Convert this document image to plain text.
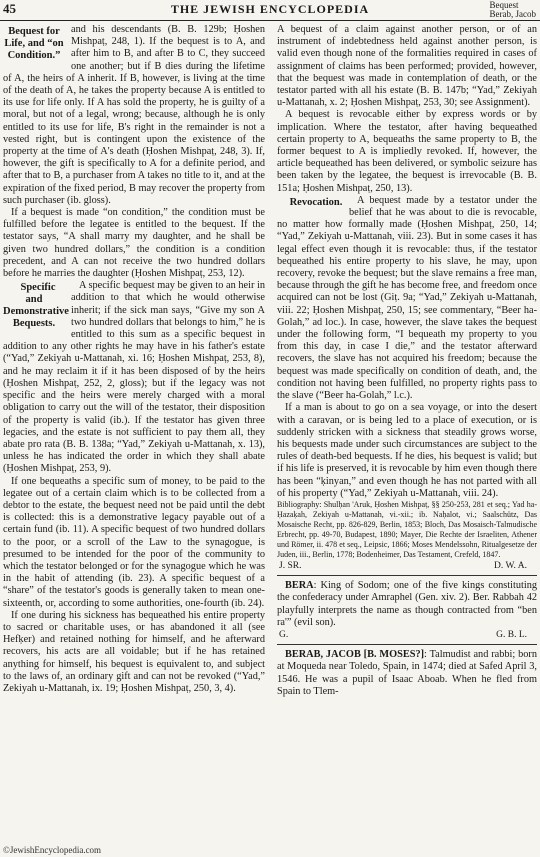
45	THE JEWISH ENCYCLOPEDIA	Bequest
Berab, Jacob

Bequest for Life, and “on Condition.”
and his descendants (B. B. 129b; Ḥoshen Mishpaṭ, 248, 1). If the bequest is to A, and after him to B, and after B to C, they succeed one another; but if B dies during the lifetime of A, the heirs of A inherit. If B, however, is living at the time of the death of A, he takes the property because A is entitled to its use for life only. If A has sold the property, he is guilty of a moral, but not of a legal, wrong; because, although he is only entitled to its use for life, B's right in the remainder is not a vested right, but is contingent upon the existence of the property at the time of A's death (Ḥoshen Mishpaṭ, 248, 3). If, however, the gift is specifically to A for a definite period, and after that to B, a purchaser from A takes no title to it, and at the expiration of the fixed period, B may recover the property from such purchaser (ib. gloss).

If a bequest is made “on condition,” the condition must be fulfilled before the legatee is entitled to the bequest. If the testator says, “A shall marry my daughter, and he shall be given two hundred dollars,” the condition is a condition precedent, and A can not receive the two hundred dollars before he marries the daughter (Ḥoshen Mishpaṭ, 253, 12).

Specific and Demonstrative Bequests.
A specific bequest may be given to an heir in addition to that which he would otherwise inherit; if the sick man says, “Give my son A two hundred dollars that belongs to him,” he is entitled to this sum as a specific bequest in addition to any other rights he may have in his father's estate (“Yad,” Zekiyah u-Mattanah, xi. 16; Ḥoshen Mishpaṭ, 253, 8), and he may reclaim it if it has been disposed of by the heirs (Ḥoshen Mishpaṭ, 252, 2, gloss); but if the legacy was not specific and the heirs were merely charged with a moral obligation to carry out the will of the testator, their disposition of the property is valid (ib.). If the testator has given three legacies, and the estate is not sufficient to pay them all, they abate pro rata (B. B. 138a; “Yad,” Zekiyah u-Mattanah, x. 13), unless he has indicated the order in which they shall abate (Ḥoshen Mishpaṭ, 253, 9).

If one bequeaths a specific sum of money, to be paid to the legatee out of a certain claim which is to be collected from a debtor to the estate, the bequest need not be paid until the debt is collected: this is a demonstrative legacy payable out of a certain fund (ib. 11). A specific bequest of two hundred dollars to the poor, or a scroll of the Law to the synagogue, is presumed to be intended for the poor of the community to which the testator belonged or for the synagogue which he was in the habit of attending (ib. 23). A specific bequest of a “share” of the testator's goods is generally taken to mean one-sixteenth, or, according to some authorities, one-fourth (ib. 24).

If one during his sickness has bequeathed his entire property to sacred or charitable uses, or has abandoned it all (see Hefḳer) and retained nothing for himself, and he afterward recovers, his acts are all voidable; but if he has retained anything for himself, his bequest is equivalent to, and subject to the laws of, an ordinary gift and can not be revoked (“Yad,” Zekiyah u-Mattanah, ix. 19; Ḥoshen Mishpaṭ, 250, 3, 4).

A bequest of a claim against another person, or of an instrument of indebtedness held against another person, is valid even though none of the formalities required in cases of assignment of claims has been performed; provided, however, that the bequest was made in contemplation of death, or the testator parted with all his estate (B. B. 147b; “Yad,” Zekiyah u-Mattanah, x. 2; Ḥoshen Mishpaṭ, 253, 30; see Assignment).

A bequest is revocable either by express words or by implication. Where the testator, after having bequeathed certain property to A, bequeaths the same property to B, the former bequest to A is impliedly revoked. If, however, the article bequeathed has been delivered, or symbolic seizure has been taken by the legatee, the bequest is irrevocable (B. B. 151a; Ḥoshen Mishpaṭ, 250, 13).

Revocation. A bequest made by a testator under the belief that he was about to die is revocable, no matter how formally made (Ḥoshen Mishpaṭ, 250, 14; “Yad,” Zekiyah u-Mattanah, viii. 23). But in some cases it has legal effect even though it is revocable: thus, if the testator bequeathed his entire property to his slave, he may, upon recovery, revoke the bequest; but the slave remains a free man, because through the gift he has become free, and freedom once acquired can not be lost (Giṭ. 9a; “Yad,” Zekiyah u-Mattanah, viii. 22; Ḥoshen Mishpaṭ, 250, 15; see commentary, “Beer ha-Golah,” ad loc.). In case, however, the slave takes the bequest under the following form, “I bequeath my property to you from this day, in case I die,” and the testator afterward recovers, the slave has not acquired his freedom; because the bequest was made specifically on condition of death, and, the condition not having been fulfilled, no property rights pass to the slave (“Beer ha-Golah,” l.c.).

If a man is about to go on a sea voyage, or into the desert with a caravan, or is being led to a place of execution, or is suddenly stricken with a sickness that steadily grows worse, his bequests made under such circumstances are subject to the rules of death-bed bequests. If he dies, his bequest is valid; but if his life is preserved, it is revocable by him even though there has been “ḳinyan,” and even though he has not parted with all of his property (“Yad,” Zekiyah u-Mattanah, viii. 24).

Bibliography: Shulḥan 'Aruk, Ḥoshen Mishpaṭ, §§ 250-253, 281 et seq.; Yad ha-Ḥazaḳah, Zekiyah u-Mattanah, vi.-xii.; ib. Naḥalot, vi.; Saalschütz, Das Mosaische Recht, pp. 826-829, Berlin, 1853; Bloch, Das Mosaisch-Talmudische Erbrecht, pp. 49-70, Budapest, 1890; Mayer, Die Rechte der Israeliten, Athener und Römer, ii. 478 et seq., Leipsic, 1866; Moses Mendelssohn, Ritualgesetze der Juden, iii., Berlin, 1778; Bodenheimer, Das Testament, Crefeld, 1847.

J. SR.	D. W. A.

BERA: King of Sodom; one of the five kings constituting the confederacy under Amraphel (Gen. xiv. 2). Ber. Rabbah 42 playfully interprets the name as though contracted from “ben ra'” (evil son).

G.	G. B. L.

BERAB, JACOB [B. MOSES?]: Talmudist and rabbi; born at Moqueda near Toledo, Spain, in 1474; died at Safed April 3, 1546. He was a pupil of Isaac Aboab. When he fled from Spain to Tlem-

©JewishEncyclopedia.com
